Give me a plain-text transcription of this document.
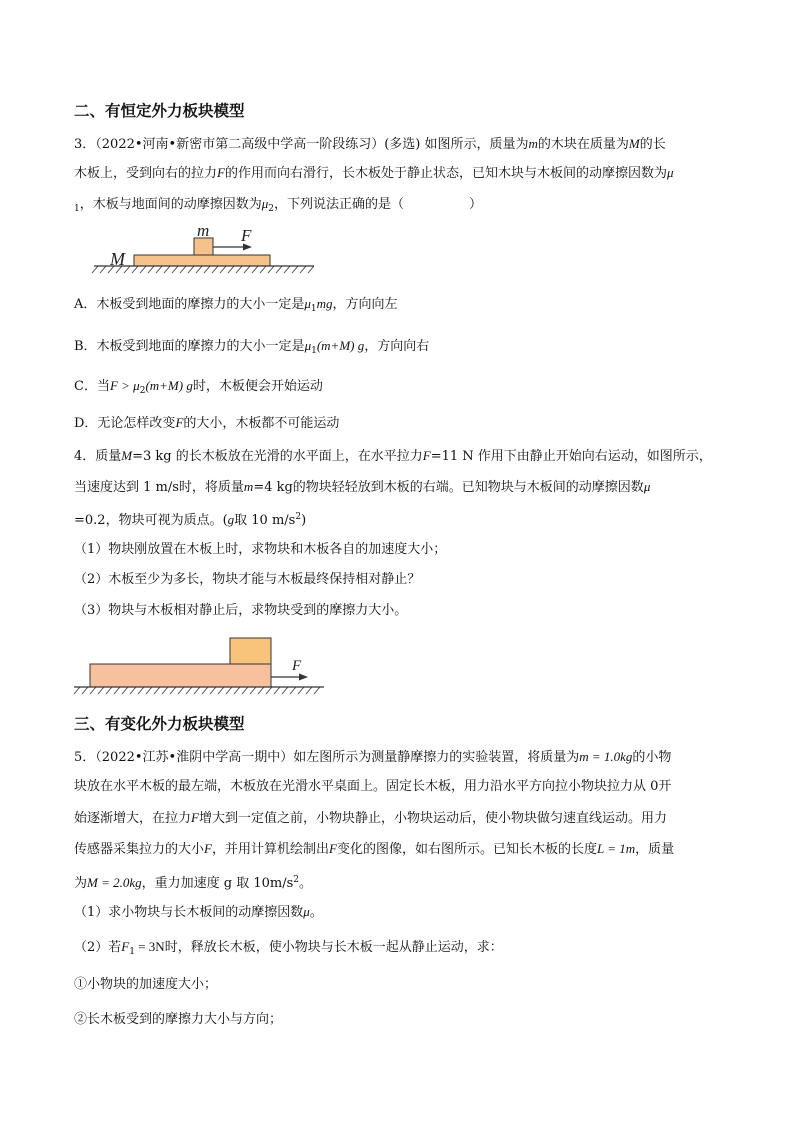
二、有恒定外力板块模型
3．（2022•河南•新密市第二高级中学高一阶段练习）(多选) 如图所示，质量为m的木块在质量为M的长
木板上，受到向右的拉力F的作用而向右滑行，长木板处于静止状态，已知木块与木板间的动摩擦因数为μ
$_1$，木板与地面间的动摩擦因数为$\mu_2$，下列说法正确的是（　　　　　）
m F
M
A．木板受到地面的摩擦力的大小一定是$\mu_1mg$，方向向左
B．木板受到地面的摩擦力的大小一定是$\mu_1(m+M)$ g，方向向右
C．当$F > \mu_2(m+M)$ g时，木板便会开始运动
D．无论怎样改变F的大小，木板都不可能运动
4．质量M=3 kg 的长木板放在光滑的水平面上，在水平拉力F=11 N 作用下由静止开始向右运动，如图所示，
当速度达到 1 m/s时，将质量m=4 kg的物块轻轻放到木板的右端。已知物块与木板间的动摩擦因数μ
=0.2，物块可视为质点。(g取 10 $m/s^2$)
（1）物块刚放置在木板上时，求物块和木板各自的加速度大小；
（2）木板至少为多长，物块才能与木板最终保持相对静止？
（3）物块与木板相对静止后，求物块受到的摩擦力大小。
F
三、有变化外力板块模型
5．（2022•江苏•淮阴中学高一期中）如左图所示为测量静摩擦力的实验装置，将质量为m = 1.0kg的小物
块放在水平木板的最左端，木板放在光滑水平桌面上。固定长木板，用力沿水平方向拉小物块拉力从 0开
始逐渐增大，在拉力F增大到一定值之前，小物块静止，小物块运动后，使小物块做匀速直线运动。用力
传感器采集拉力的大小F，并用计算机绘制出F变化的图像，如右图所示。已知长木板的长度L = 1m，质量
为M = 2.0kg，重力加速度 g 取 $10m/s^2$。
（1）求小物块与长木板间的动摩擦因数μ。
（2）若$F_1 = 3N$时，释放长木板，使小物块与长木板一起从静止运动，求：
①小物块的加速度大小；
②长木板受到的摩擦力大小与方向；
